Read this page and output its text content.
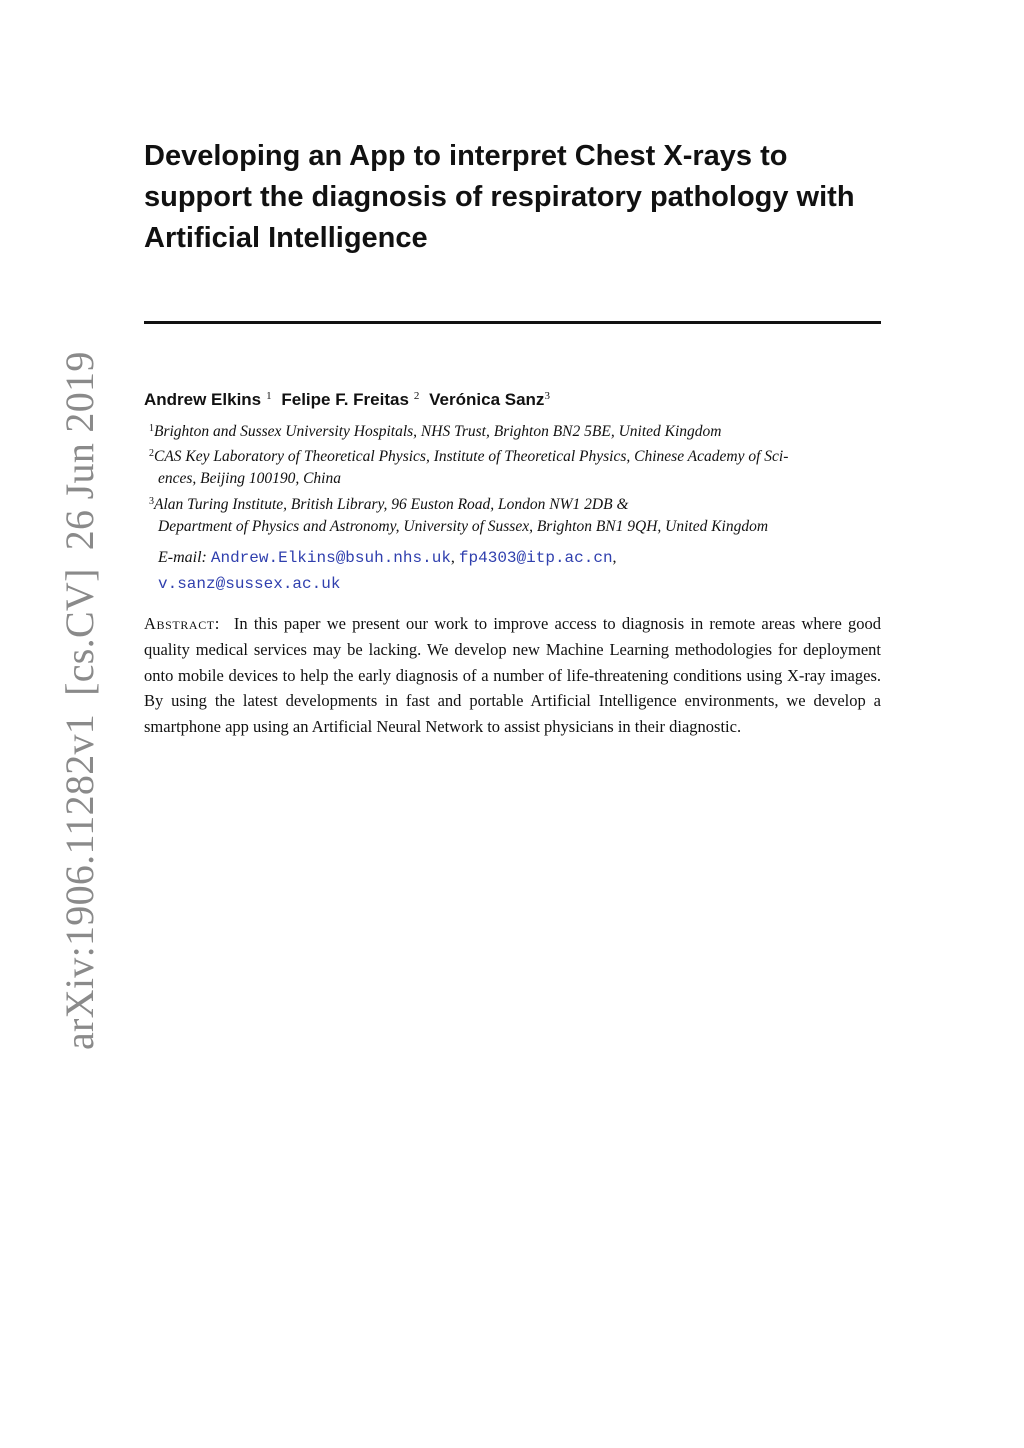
arXiv:1906.11282v1[cs.CV]26 Jun 2019
Developing an App to interpret Chest X-rays to
support the diagnosis of respiratory pathology with
Artificial Intelligence
Andrew Elkins $^1$ Felipe F. Freitas $^2$ Verónica Sanz$^3$
$^1$Brighton and Sussex University Hospitals, NHS Trust, Brighton BN2 5BE, United Kingdom
$^2$CAS Key Laboratory of Theoretical Physics, Institute of Theoretical Physics, Chinese Academy of Sci-
ences, Beijing 100190, China
$^3$Alan Turing Institute, British Library, 96 Euston Road, London NW1 2DB &
Department of Physics and Astronomy, University of Sussex, Brighton BN1 9QH, United Kingdom
E-mail: Andrew.Elkins@bsuh.nhs.uk, fp4303@itp.ac.cn,
v.sanz@sussex.ac.uk

Abstract: In this paper we present our work to improve access to diagnosis in remote areas where good quality medical services may be lacking. We develop new Machine Learning methodologies for deployment onto mobile devices to help the early diagnosis of a number of life-threatening conditions using X-ray images. By using the latest developments in fast and portable Artificial Intelligence environments, we develop a smartphone app using an Artificial Neural Network to assist physicians in their diagnostic.
